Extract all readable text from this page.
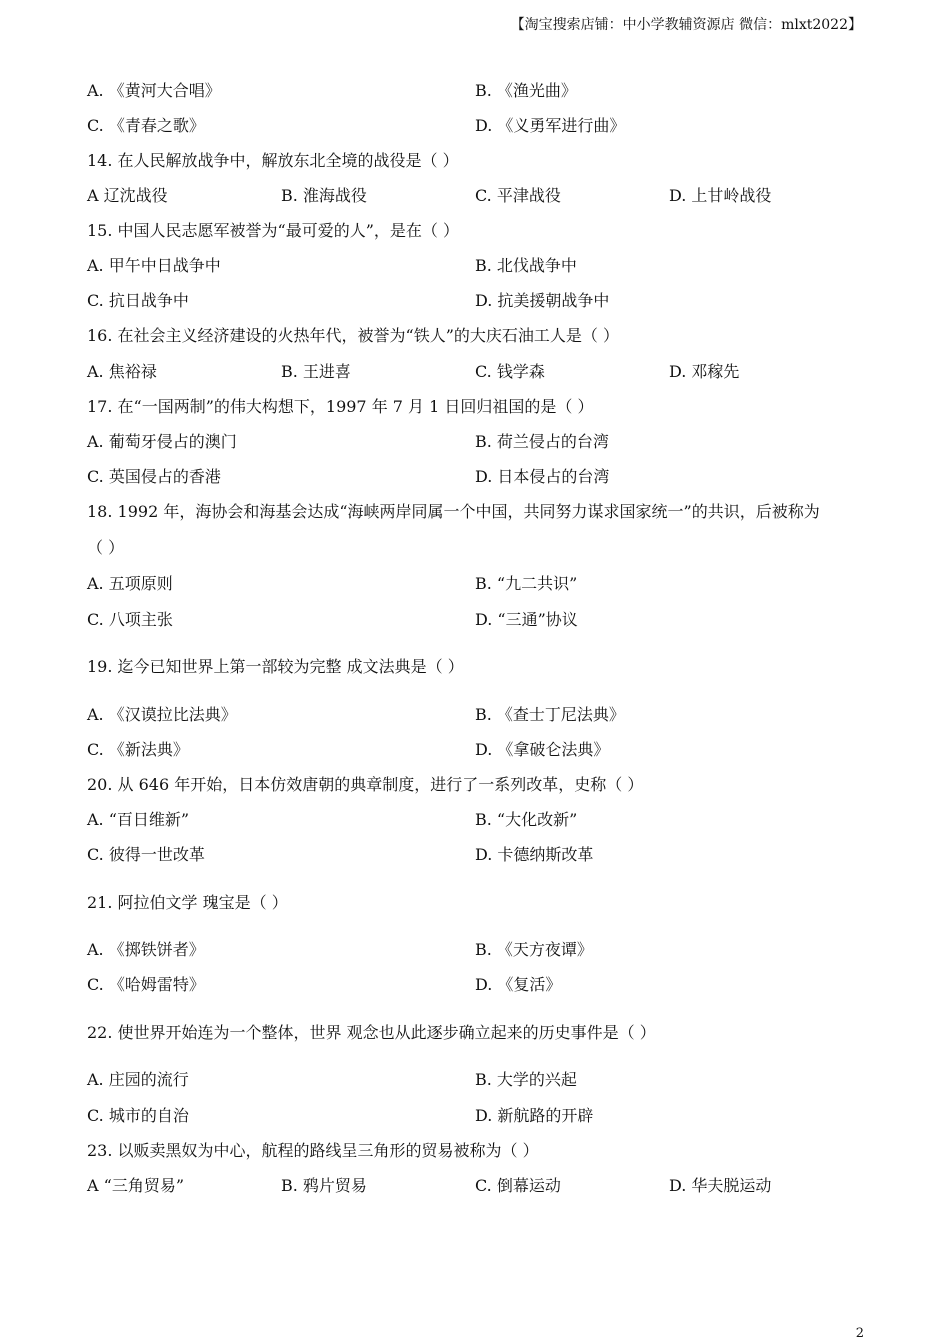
【淘宝搜索店铺：中小学教辅资源店 微信：mlxt2022】
A. 《黄河大合唱》	B. 《渔光曲》
C. 《青春之歌》	D. 《义勇军进行曲》
14. 在人民解放战争中，解放东北全境的战役是（ ）
A 辽沈战役	B. 淮海战役	C. 平津战役	D. 上甘岭战役
15. 中国人民志愿军被誉为“最可爱的人”，是在（ ）
A. 甲午中日战争中	B. 北伐战争中
C. 抗日战争中	D. 抗美援朝战争中
16. 在社会主义经济建设的火热年代，被誉为“铁人”的大庆石油工人是（ ）
A. 焦裕禄	B. 王进喜	C. 钱学森	D. 邓稼先
17. 在“一国两制”的伟大构想下，1997 年 7 月 1 日回归祖国的是（ ）
A. 葡萄牙侵占的澳门	B. 荷兰侵占的台湾
C. 英国侵占的香港	D. 日本侵占的台湾
18. 1992 年，海协会和海基会达成“海峡两岸同属一个中国，共同努力谋求国家统一”的共识，后被称为
（ ）
A. 五项原则	B. “九二共识”
C. 八项主张	D. “三通”协议
19. 迄今已知世界上第一部较为完整 成文法典是（ ）
A. 《汉谟拉比法典》	B. 《查士丁尼法典》
C. 《新法典》	D. 《拿破仑法典》
20. 从 646 年开始，日本仿效唐朝的典章制度，进行了一系列改革，史称（ ）
A. “百日维新”	B. “大化改新”
C. 彼得一世改革	D. 卡德纳斯改革
21. 阿拉伯文学 瑰宝是（ ）
A. 《掷铁饼者》	B. 《天方夜谭》
C. 《哈姆雷特》	D. 《复活》
22. 使世界开始连为一个整体，世界 观念也从此逐步确立起来的历史事件是（ ）
A. 庄园的流行	B. 大学的兴起
C. 城市的自治	D. 新航路的开辟
23. 以贩卖黑奴为中心，航程的路线呈三角形的贸易被称为（ ）
A “三角贸易”	B. 鸦片贸易	C. 倒幕运动	D. 华夫脱运动
2
